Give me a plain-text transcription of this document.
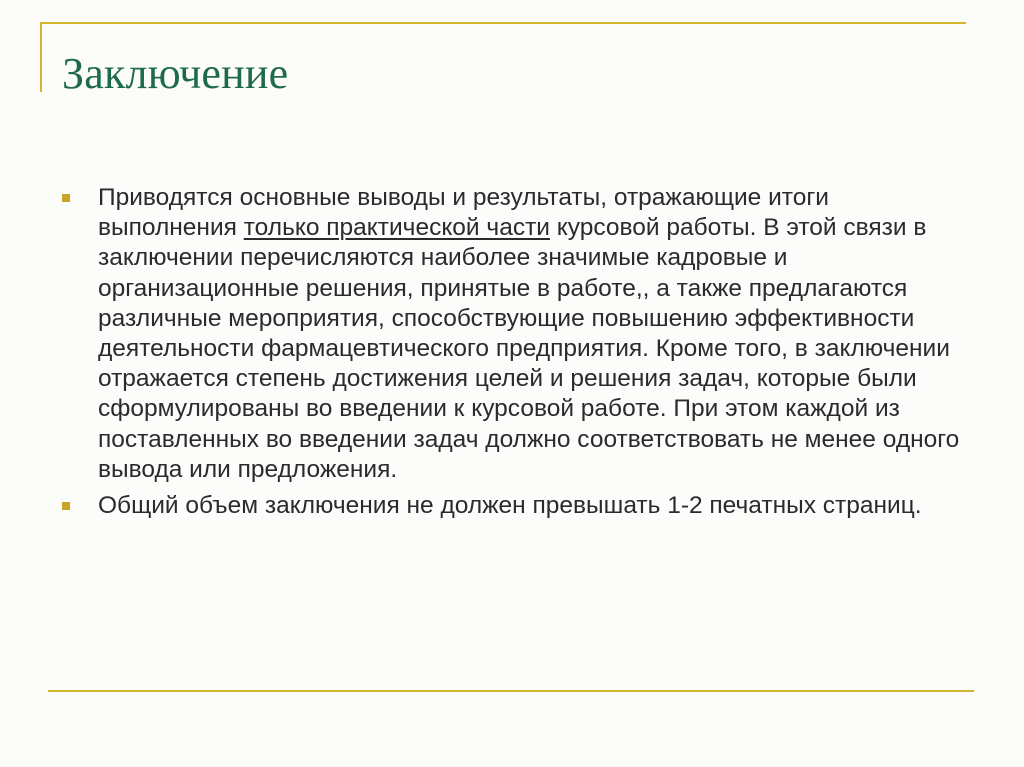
Заключение
Приводятся основные выводы и результаты, отражающие итоги выполнения только практической части курсовой работы. В этой связи в заключении перечисляются наиболее значимые кадровые и организационные решения, принятые в работе,, а также предлагаются различные мероприятия, способствующие повышению эффективности деятельности фармацевтического предприятия. Кроме того, в заключении отражается степень достижения целей и решения задач, которые были сформулированы во введении к курсовой работе. При этом каждой из поставленных во введении задач должно соответствовать не менее одного вывода или предложения.
Общий объем заключения не должен превышать 1-2 печатных страниц.
